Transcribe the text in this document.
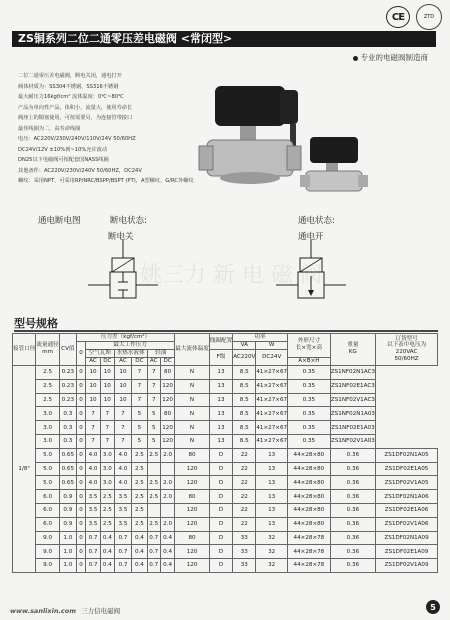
CE	ZTD
ZS铜系列二位二通零压差电磁阀 <常闭型>
专业的电磁阀制造商
二位二通零压差电磁阀，断电关闭，通电打开
阀体材质为：SS304不锈钢、SS316不锈钢
最大耐压力16kgf/cm² 流体温度：0℃~80℃
产品为单向性产品，体积小，流量大，使用寿命长
阀座上的铜塞使用，可按需要另，为连接管带接口
最佳线圈为二，高寿命线圈
电压：AC220V/230V/240V/110V/24V 50/60HZ
DC24V/12V ±10%到~10%允许波动
DN25以下电磁阀可按配套国NASS线圈
其他备件：AC220V/230V/240V 50/60HZ，DC24V
螺纹：采用NPT，可采用RP/NRC/BSPP/BSPT (PT)，A型螺纹、G/RC外螺纹
通电断电图	断电状态:
断电关
通电状态:
通电开
姚三力 新 电 磁 阀
型号规格
接管口径	流量通径
mm	CV值	压力差（kgf/cm²）							最大流体温度	线圈配置	功率		外形尺寸
长×宽×高	重量
KG	订货型号
以下表中电压为
220VAC
50/60HZ
			0	最大工作压力								VA	W			
				空气瓦斯		水热水液体		轻油			F级	AC220V	DC24V			
				AC	DC	AC	DC	AC	DC					A×B×H		
1/8"	2.5	0.23	0	10	10	10	7	7	80	N	13	8.5	41×27×67	0.35	ZS1NF02N1AC3	
	2.5	0.23	0	10	10	10	7	7	120	N	13	8.5	41×27×67	0.35	ZS1NF02E1AC3	
	2.5	0.23	0	10	10	10	7	7	120	N	13	8.5	41×27×67	0.35	ZS1NF02V1AC3	
	3.0	0.3	0	7	7	7	5	5	80	N	13	8.5	41×27×67	0.35	ZS1NF02N1A03	
	3.0	0.3	0	7	7	7	5	5	120	N	13	8.5	41×27×67	0.35	ZS1NF02E1A03	
	3.0	0.3	0	7	7	7	5	5	120	N	13	8.5	41×27×67	0.35	ZS1NF02V1A03	
	5.0	0.65	0	4.0	3.0	4.0	2.5	2.5	2.0	80	D	22	13	44×28×80	0.36	ZS1DF02N1A05
	5.0	0.65	0	4.0	3.0	4.0	2.5			120	D	22	13	44×28×80	0.36	ZS1DF02E1A05
	5.0	0.65	0	4.0	3.0	4.0	2.5	2.5	2.0	120	D	22	13	44×28×80	0.36	ZS1DF02V1A05
	6.0	0.9	0	3.5	2.5	3.5	2.5	2.5	2.0	80	D	22	13	44×28×80	0.36	ZS1DF02N1A06
	6.0	0.9	0	3.5	2.5	3.5	2.5			120	D	22	13	44×28×80	0.36	ZS1DF02E1A06
	6.0	0.9	0	3.5	2.5	3.5	2.5	2.5	2.0	120	D	22	13	44×28×80	0.36	ZS1DF02V1A06
	9.0	1.0	0	0.7	0.4	0.7	0.4	0.7	0.4	80	D	33	32	44×28×78	0.36	ZS1DF02N1A09
	9.0	1.0	0	0.7	0.4	0.7	0.4	0.7	0.4	120	D	33	32	44×28×78	0.36	ZS1DF02E1A09
	9.0	1.0	0	0.7	0.4	0.7	0.4	0.7	0.4	120	D	33	32	44×28×78	0.36	ZS1DF02V1A09
www.sanlixin.com 三力信电磁阀	5
